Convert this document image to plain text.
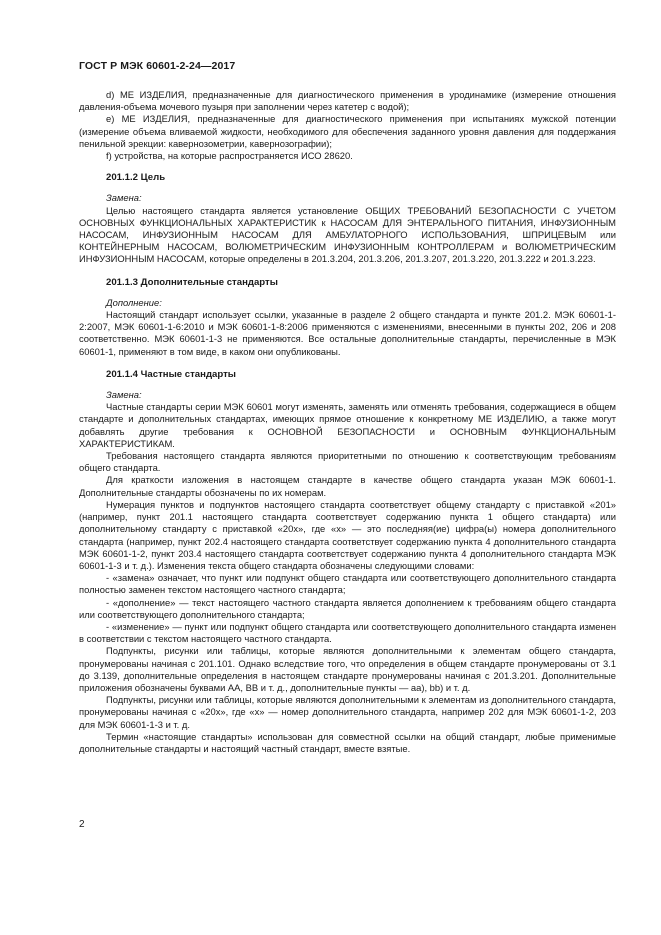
ГОСТ Р МЭК 60601-2-24—2017

d) МЕ ИЗДЕЛИЯ, предназначенные для диагностического применения в уродинамике (измерение отношения давления-объема мочевого пузыря при заполнении через катетер с водой);

e) МЕ ИЗДЕЛИЯ, предназначенные для диагностического применения при испытаниях мужской потенции (измерение объема вливаемой жидкости, необходимого для обеспечения заданного уровня давления для поддержания пенильной эрекции: кавернозометрии, кавернозографии);

f) устройства, на которые распространяется ИСО 28620.

201.1.2 Цель

Замена:

Целью настоящего стандарта является установление ОБЩИХ ТРЕБОВАНИЙ БЕЗОПАСНОСТИ С УЧЕТОМ ОСНОВНЫХ ФУНКЦИОНАЛЬНЫХ ХАРАКТЕРИСТИК к НАСОСАМ ДЛЯ ЭНТЕРАЛЬНОГО ПИТАНИЯ, ИНФУЗИОННЫМ НАСОСАМ, ИНФУЗИОННЫМ НАСОСАМ ДЛЯ АМБУЛАТОРНОГО ИСПОЛЬЗОВАНИЯ, ШПРИЦЕВЫМ или КОНТЕЙНЕРНЫМ НАСОСАМ, ВОЛЮМЕТРИЧЕСКИМ ИНФУЗИОННЫМ КОНТРОЛЛЕРАМ и ВОЛЮМЕТРИЧЕСКИМ ИНФУЗИОННЫМ НАСОСАМ, которые определены в 201.3.204, 201.3.206, 201.3.207, 201.3.220, 201.3.222 и 201.3.223.

201.1.3 Дополнительные стандарты

Дополнение:

Настоящий стандарт использует ссылки, указанные в разделе 2 общего стандарта и пункте 201.2. МЭК 60601-1-2:2007, МЭК 60601-1-6:2010 и МЭК 60601-1-8:2006 применяются с изменениями, внесенными в пункты 202, 206 и 208 соответственно. МЭК 60601-1-3 не применяются. Все остальные дополнительные стандарты, перечисленные в МЭК 60601-1, применяют в том виде, в каком они опубликованы.

201.1.4 Частные стандарты

Замена:

Частные стандарты серии МЭК 60601 могут изменять, заменять или отменять требования, содержащиеся в общем стандарте и дополнительных стандартах, имеющих прямое отношение к конкретному МЕ ИЗДЕЛИЮ, а также могут добавлять другие требования к ОСНОВНОЙ БЕЗОПАСНОСТИ и ОСНОВНЫМ ФУНКЦИОНАЛЬНЫМ ХАРАКТЕРИСТИКАМ.

Требования настоящего стандарта являются приоритетными по отношению к соответствующим требованиям общего стандарта.

Для краткости изложения в настоящем стандарте в качестве общего стандарта указан МЭК 60601-1. Дополнительные стандарты обозначены по их номерам.

Нумерация пунктов и подпунктов настоящего стандарта соответствует общему стандарту с приставкой «201» (например, пункт 201.1 настоящего стандарта соответствует содержанию пункта 1 общего стандарта) или дополнительному стандарту с приставкой «20х», где «х» — это последняя(ие) цифра(ы) номера дополнительного стандарта (например, пункт 202.4 настоящего стандарта соответствует содержанию пункта 4 дополнительного стандарта МЭК 60601-1-2, пункт 203.4 настоящего стандарта соответствует содержанию пункта 4 дополнительного стандарта МЭК 60601-1-3 и т. д.). Изменения текста общего стандарта обозначены следующими словами:

- «замена» означает, что пункт или подпункт общего стандарта или соответствующего дополнительного стандарта полностью заменен текстом настоящего частного стандарта;

- «дополнение» — текст настоящего частного стандарта является дополнением к требованиям общего стандарта или соответствующего дополнительного стандарта;

- «изменение» — пункт или подпункт общего стандарта или соответствующего дополнительного стандарта изменен в соответствии с текстом настоящего частного стандарта.

Подпункты, рисунки или таблицы, которые являются дополнительными к элементам общего стандарта, пронумерованы начиная с 201.101. Однако вследствие того, что определения в общем стандарте пронумерованы от 3.1 до 3.139, дополнительные определения в настоящем стандарте пронумерованы начиная с 201.3.201. Дополнительные приложения обозначены буквами АА, ВВ и т. д., дополнительные пункты — аа), bb) и т. д.

Подпункты, рисунки или таблицы, которые являются дополнительными к элементам из дополнительного стандарта, пронумерованы начиная с «20х», где «х» — номер дополнительного стандарта, например 202 для МЭК 60601-1-2, 203 для МЭК 60601-1-3 и т. д.

Термин «настоящие стандарты» использован для совместной ссылки на общий стандарт, любые применимые дополнительные стандарты и настоящий частный стандарт, вместе взятые.

2
